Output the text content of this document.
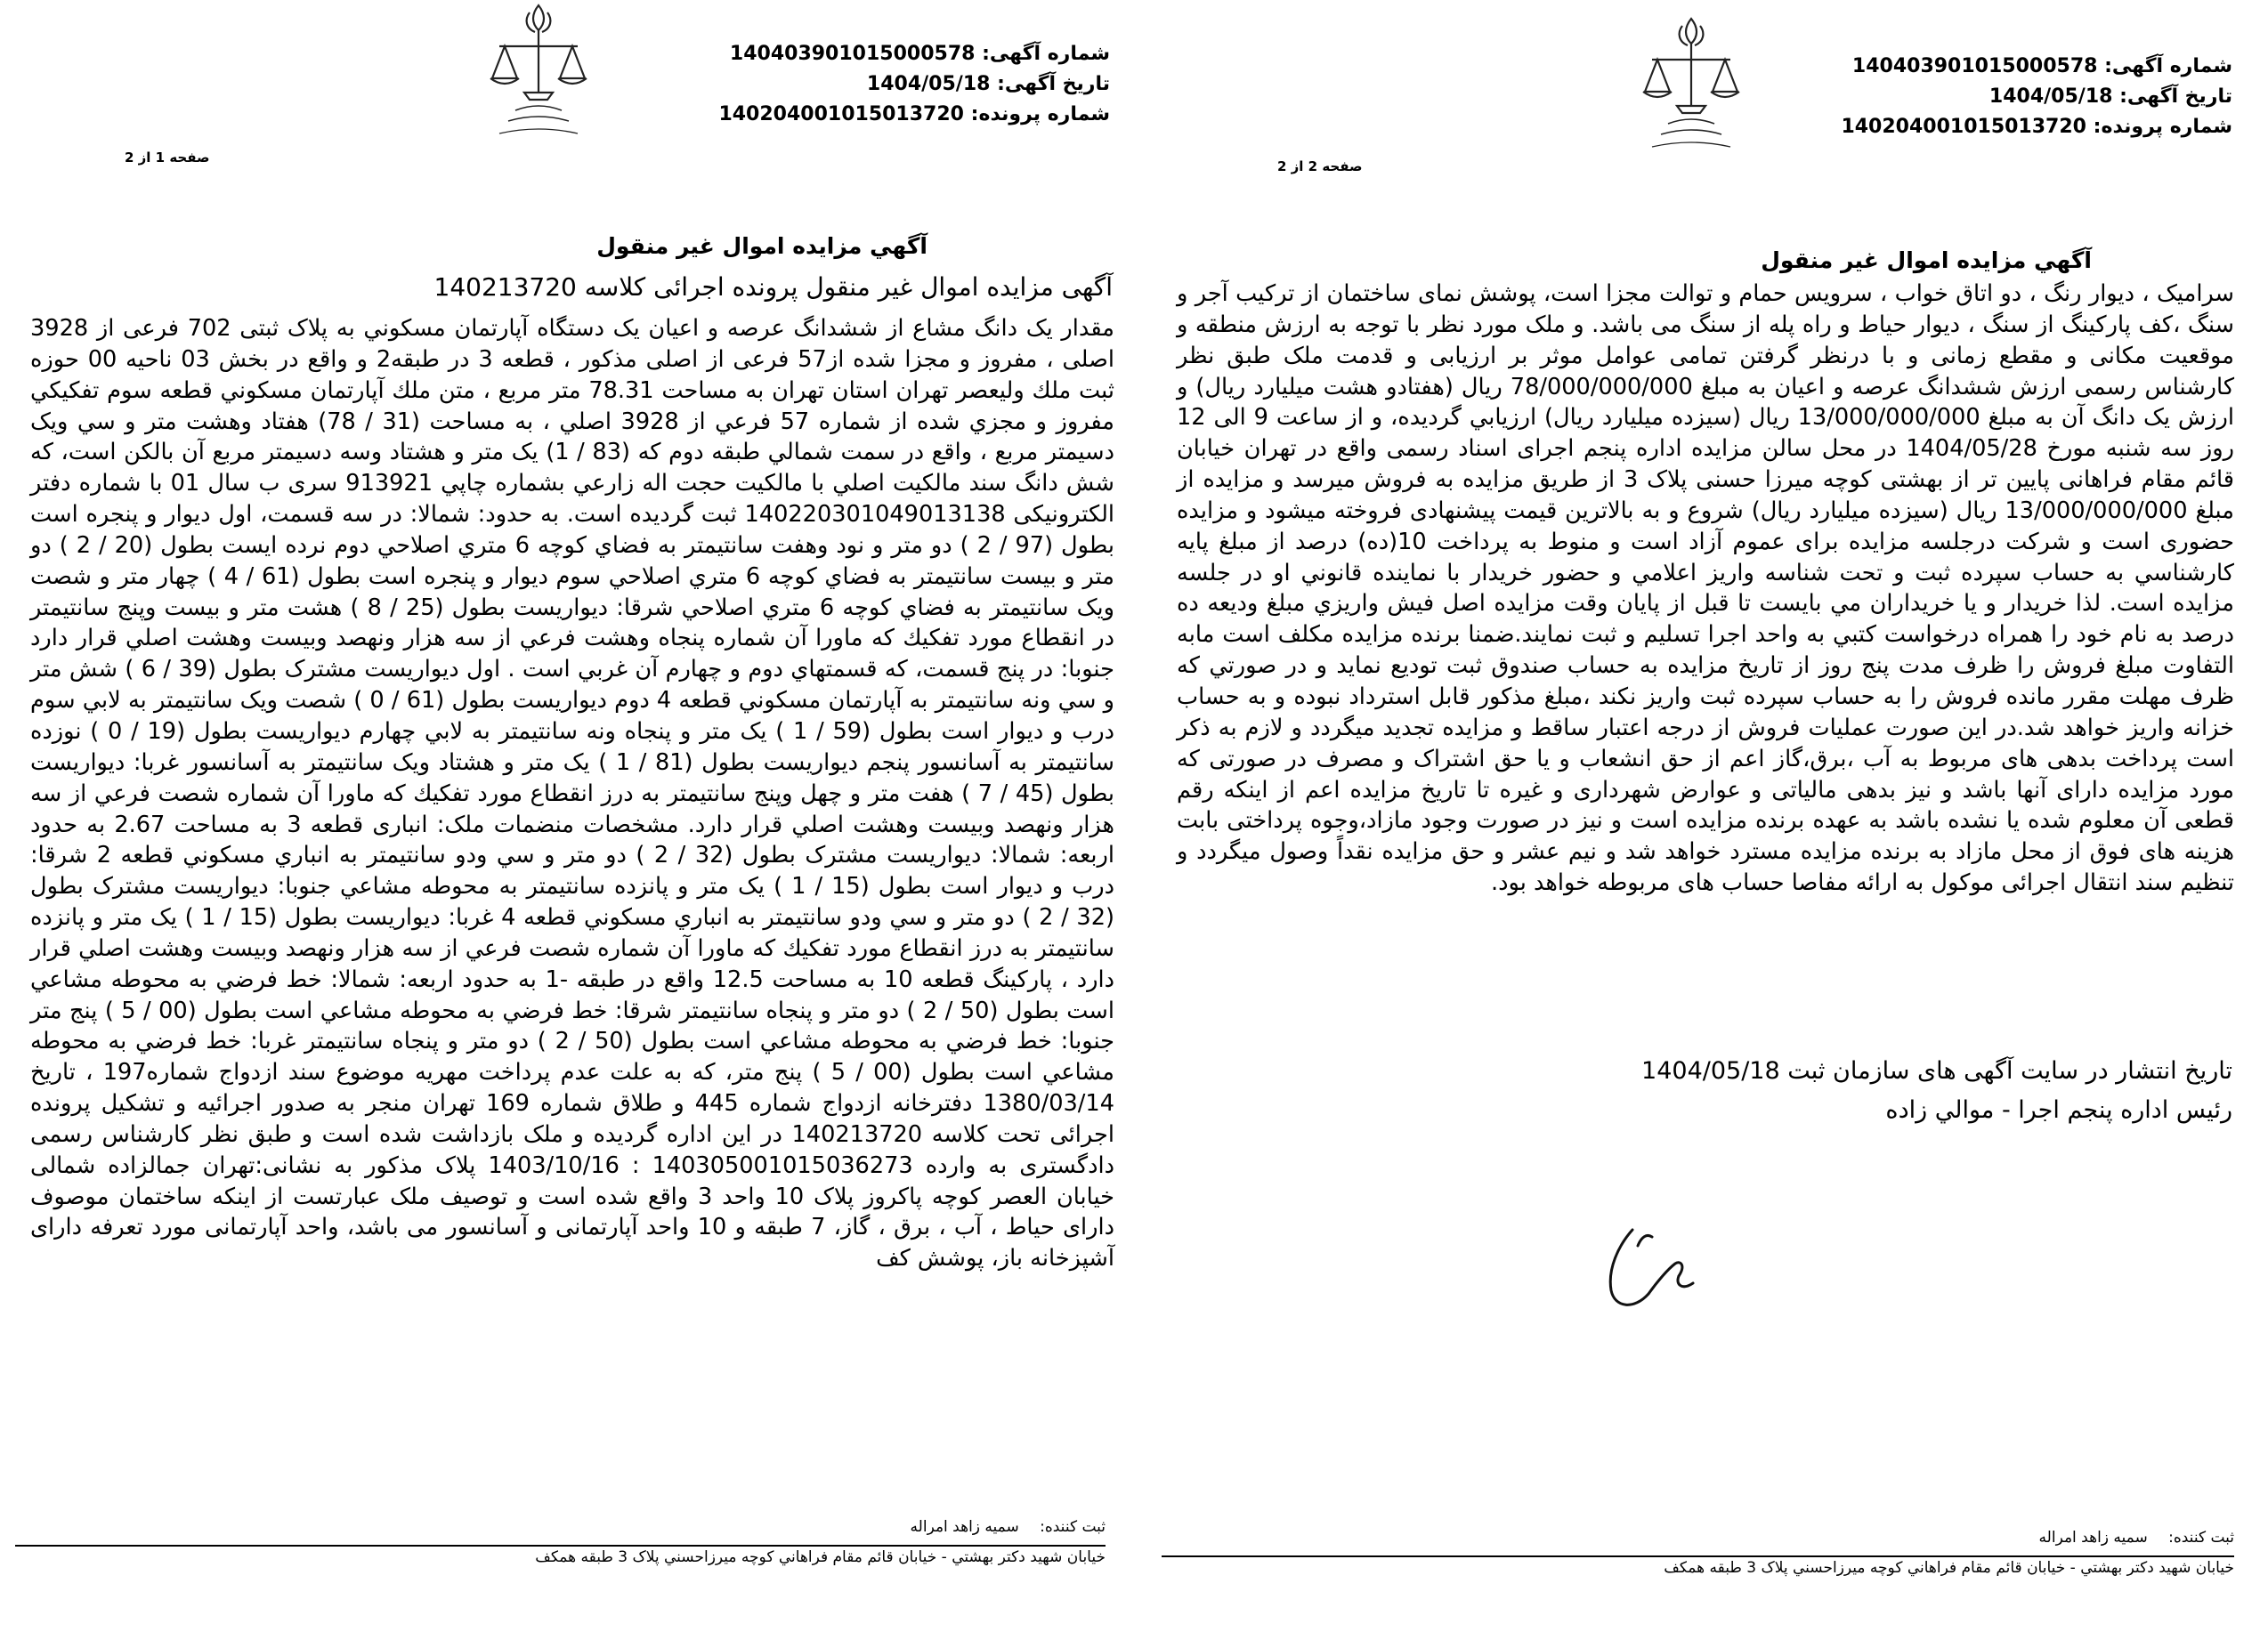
شماره آگهی: 140403901015000578
تاریخ آگهی: 1404/05/18
شماره پرونده: 140204001015013720
صفحه 2 از 2
آگهي مزايده اموال غير منقول
سرامیک ، دیوار رنگ ، دو اتاق خواب ، سرویس حمام و توالت مجزا است، پوشش نمای ساختمان از ترکیب آجر و سنگ ،کف پارکینگ از سنگ ، دیوار حیاط و راه پله از سنگ می باشد. و ملک مورد نظر با توجه به ارزش منطقه و موقعیت مکانی و مقطع زمانی و با درنظر گرفتن تمامی عوامل موثر بر ارزیابی و قدمت ملک طبق نظر کارشناس رسمی ارزش ششدانگ عرصه و اعیان به مبلغ 78/000/000/000 ريال (هفتادو هشت میلیارد ريال) و ارزش یک دانگ آن به مبلغ 13/000/000/000 ريال (سیزده میلیارد ريال) ارزيابي گرديده، و از ساعت 9 الی 12 روز سه شنبه مورخ 1404/05/28 در محل سالن مزایده اداره پنجم اجرای اسناد رسمی واقع در تهران خیابان قائم مقام فراهانی پایین تر از بهشتی کوچه میرزا حسنی پلاک 3 از طریق مزایده به فروش میرسد و مزایده از مبلغ 13/000/000/000 ريال (سیزده میلیارد ريال) شروع و به بالاترین قیمت پیشنهادی فروخته میشود و مزایده حضوری است و شرکت درجلسه مزایده برای عموم آزاد است و منوط به پرداخت 10(ده) درصد از مبلغ پایه کارشناسي به حساب سپرده ثبت و تحت شناسه واریز اعلامي و حضور خريدار با نماينده قانوني او در جلسه مزايده است. لذا خريدار و يا خريداران مي بايست تا قبل از پايان وقت مزايده اصل فيش واريزي مبلغ وديعه ده درصد به نام خود را همراه درخواست كتبي به واحد اجرا تسليم و ثبت نمايند.ضمنا برنده مزایده مکلف است مابه التفاوت مبلغ فروش را ظرف مدت پنج روز از تاریخ مزایده به حساب صندوق ثبت تودیع نماید و در صورتي كه ظرف مهلت مقرر مانده فروش را به حساب سپرده ثبت واريز نكند ،مبلغ مذكور قابل استرداد نبوده و به حساب خزانه واريز خواهد شد.در اين صورت عملیات فروش از درجه اعتبار ساقط و مزایده تجدید میگردد و لازم به ذکر است پرداخت بدهی های مربوط به آب ،برق،گاز اعم از حق انشعاب و يا حق اشتراک و مصرف در صورتی که مورد مزايده دارای آنها باشد و نيز بدهی مالياتی و عوارض شهرداری و غيره تا تاريخ مزايده اعم از اينکه رقم قطعی آن معلوم شده يا نشده باشد به عهده برنده مزايده است و نيز در صورت وجود مازاد،وجوه پرداختی بابت هزينه های فوق از محل مازاد به برنده مزايده مسترد خواهد شد و نيم عشر و حق مزايده نقداً وصول ميگردد و تنظیم سند انتقال اجرائی موکول به ارائه مفاصا حساب های مربوطه خواهد بود.
تاریخ انتشار در سایت آگهی های سازمان ثبت 1404/05/18
رئیس اداره پنجم اجرا - موالي زاده
ثبت کننده: سمیه زاهد امراله
خیابان شهید دکتر بهشتي - خیابان قائم مقام فراهاني كوچه ميرزاحسني پلاک 3 طبقه همكف
شماره آگهی: 140403901015000578
تاریخ آگهی: 1404/05/18
شماره پرونده: 140204001015013720
صفحه 1 از 2
آگهي مزايده اموال غير منقول
آگهی مزایده اموال غیر منقول پرونده اجرائی کلاسه 140213720
مقدار یک دانگ مشاع از ششدانگ عرصه و اعیان یک دستگاه آپارتمان مسکوني به پلاک ثبتی 702 فرعی از 3928 اصلی ، مفروز و مجزا شده از57 فرعی از اصلی مذکور ، قطعه 3 در طبقه2 و واقع در بخش 03 ناحیه 00 حوزه ثبت ملك وليعصر تهران استان تهران به مساحت 78.31 متر مربع ، متن ملك آپارتمان مسكوني قطعه سوم تفكيكي مفروز و مجزي شده از شماره 57 فرعي از 3928 اصلي ، به مساحت (31 / 78) هفتاد وهشت متر و سي ويک دسيمتر مربع ، واقع در سمت شمالي طبقه دوم كه (83 / 1) يک متر و هشتاد وسه دسيمتر مربع آن بالكن است، كه شش دانگ سند مالکیت اصلي با مالکیت حجت اله زارعي بشماره چاپي 913921 سری ب سال 01 با شماره دفتر الکترونیکی 140220301049013138 ثبت گرديده است. به حدود: شمالا: در سه قسمت، اول ديوار و پنجره است بطول (97 / 2 ) دو متر و نود وهفت سانتيمتر به فضاي كوچه 6 متري اصلاحي دوم نرده ايست بطول (20 / 2 ) دو متر و بيست سانتيمتر به فضاي كوچه 6 متري اصلاحي سوم ديوار و پنجره است بطول (61 / 4 ) چهار متر و شصت ويک سانتيمتر به فضاي كوچه 6 متري اصلاحي شرقا: ديواريست بطول (25 / 8 ) هشت متر و بيست وپنج سانتيمتر در انقطاع مورد تفكيك كه ماورا آن شماره پنجاه وهشت فرعي از سه هزار ونهصد وبيست وهشت اصلي قرار دارد جنوبا: در پنج قسمت، كه قسمتهاي دوم و چهارم آن غربي است . اول ديواريست مشترک بطول (39 / 6 ) شش متر و سي ونه سانتيمتر به آپارتمان مسكوني قطعه 4 دوم ديواريست بطول (61 / 0 ) شصت ويک سانتيمتر به لابي سوم درب و ديوار است بطول (59 / 1 ) يک متر و پنجاه ونه سانتيمتر به لابي چهارم ديواريست بطول (19 / 0 ) نوزده سانتيمتر به آسانسور پنجم ديواريست بطول (81 / 1 ) يک متر و هشتاد ويک سانتيمتر به آسانسور غربا: ديواريست بطول (45 / 7 ) هفت متر و چهل وپنج سانتيمتر به درز انقطاع مورد تفكيك كه ماورا آن شماره شصت فرعي از سه هزار ونهصد وبيست وهشت اصلي قرار دارد. مشخصات منضمات ملک: انباری قطعه 3 به مساحت 2.67 به حدود اربعه: شمالا: ديواريست مشترک بطول (32 / 2 ) دو متر و سي ودو سانتيمتر به انباري مسكوني قطعه 2 شرقا: درب و ديوار است بطول (15 / 1 ) يک متر و پانزده سانتيمتر به محوطه مشاعي جنوبا: ديواريست مشترک بطول (32 / 2 ) دو متر و سي ودو سانتيمتر به انباري مسكوني قطعه 4 غربا: ديواريست بطول (15 / 1 ) يک متر و پانزده سانتيمتر به درز انقطاع مورد تفكيك كه ماورا آن شماره شصت فرعي از سه هزار ونهصد وبيست وهشت اصلي قرار دارد ، پارکینگ قطعه 10 به مساحت 12.5 واقع در طبقه -1 به حدود اربعه: شمالا: خط فرضي به محوطه مشاعي است بطول (50 / 2 ) دو متر و پنجاه سانتيمتر شرقا: خط فرضي به محوطه مشاعي است بطول (00 / 5 ) پنج متر جنوبا: خط فرضي به محوطه مشاعي است بطول (50 / 2 ) دو متر و پنجاه سانتيمتر غربا: خط فرضي به محوطه مشاعي است بطول (00 / 5 ) پنج متر، كه به علت عدم پرداخت مهریه موضوع سند ازدواج شماره197 ، تاریخ 1380/03/14 دفترخانه ازدواج شماره 445 و طلاق شماره 169 تهران منجر به صدور اجرائیه و تشکیل پرونده اجرائی تحت کلاسه 140213720 در این اداره گردیده و ملک بازداشت شده است و طبق نظر کارشناس رسمی دادگستری به وارده 140305001015036273 : 1403/10/16 پلاک مذکور به نشانی:تهران جمالزاده شمالی خیابان العصر کوچه پاکروز پلاک 10 واحد 3 واقع شده است و توصیف ملک عبارتست از اینکه ساختمان موصوف دارای حیاط ، آب ، برق ، گاز، 7 طبقه و 10 واحد آپارتمانی و آسانسور می باشد، واحد آپارتمانی مورد تعرفه دارای آشپزخانه باز، پوشش کف
ثبت کننده: سمیه زاهد امراله
خیابان شهید دکتر بهشتي - خیابان قائم مقام فراهاني كوچه ميرزاحسني پلاک 3 طبقه همكف
